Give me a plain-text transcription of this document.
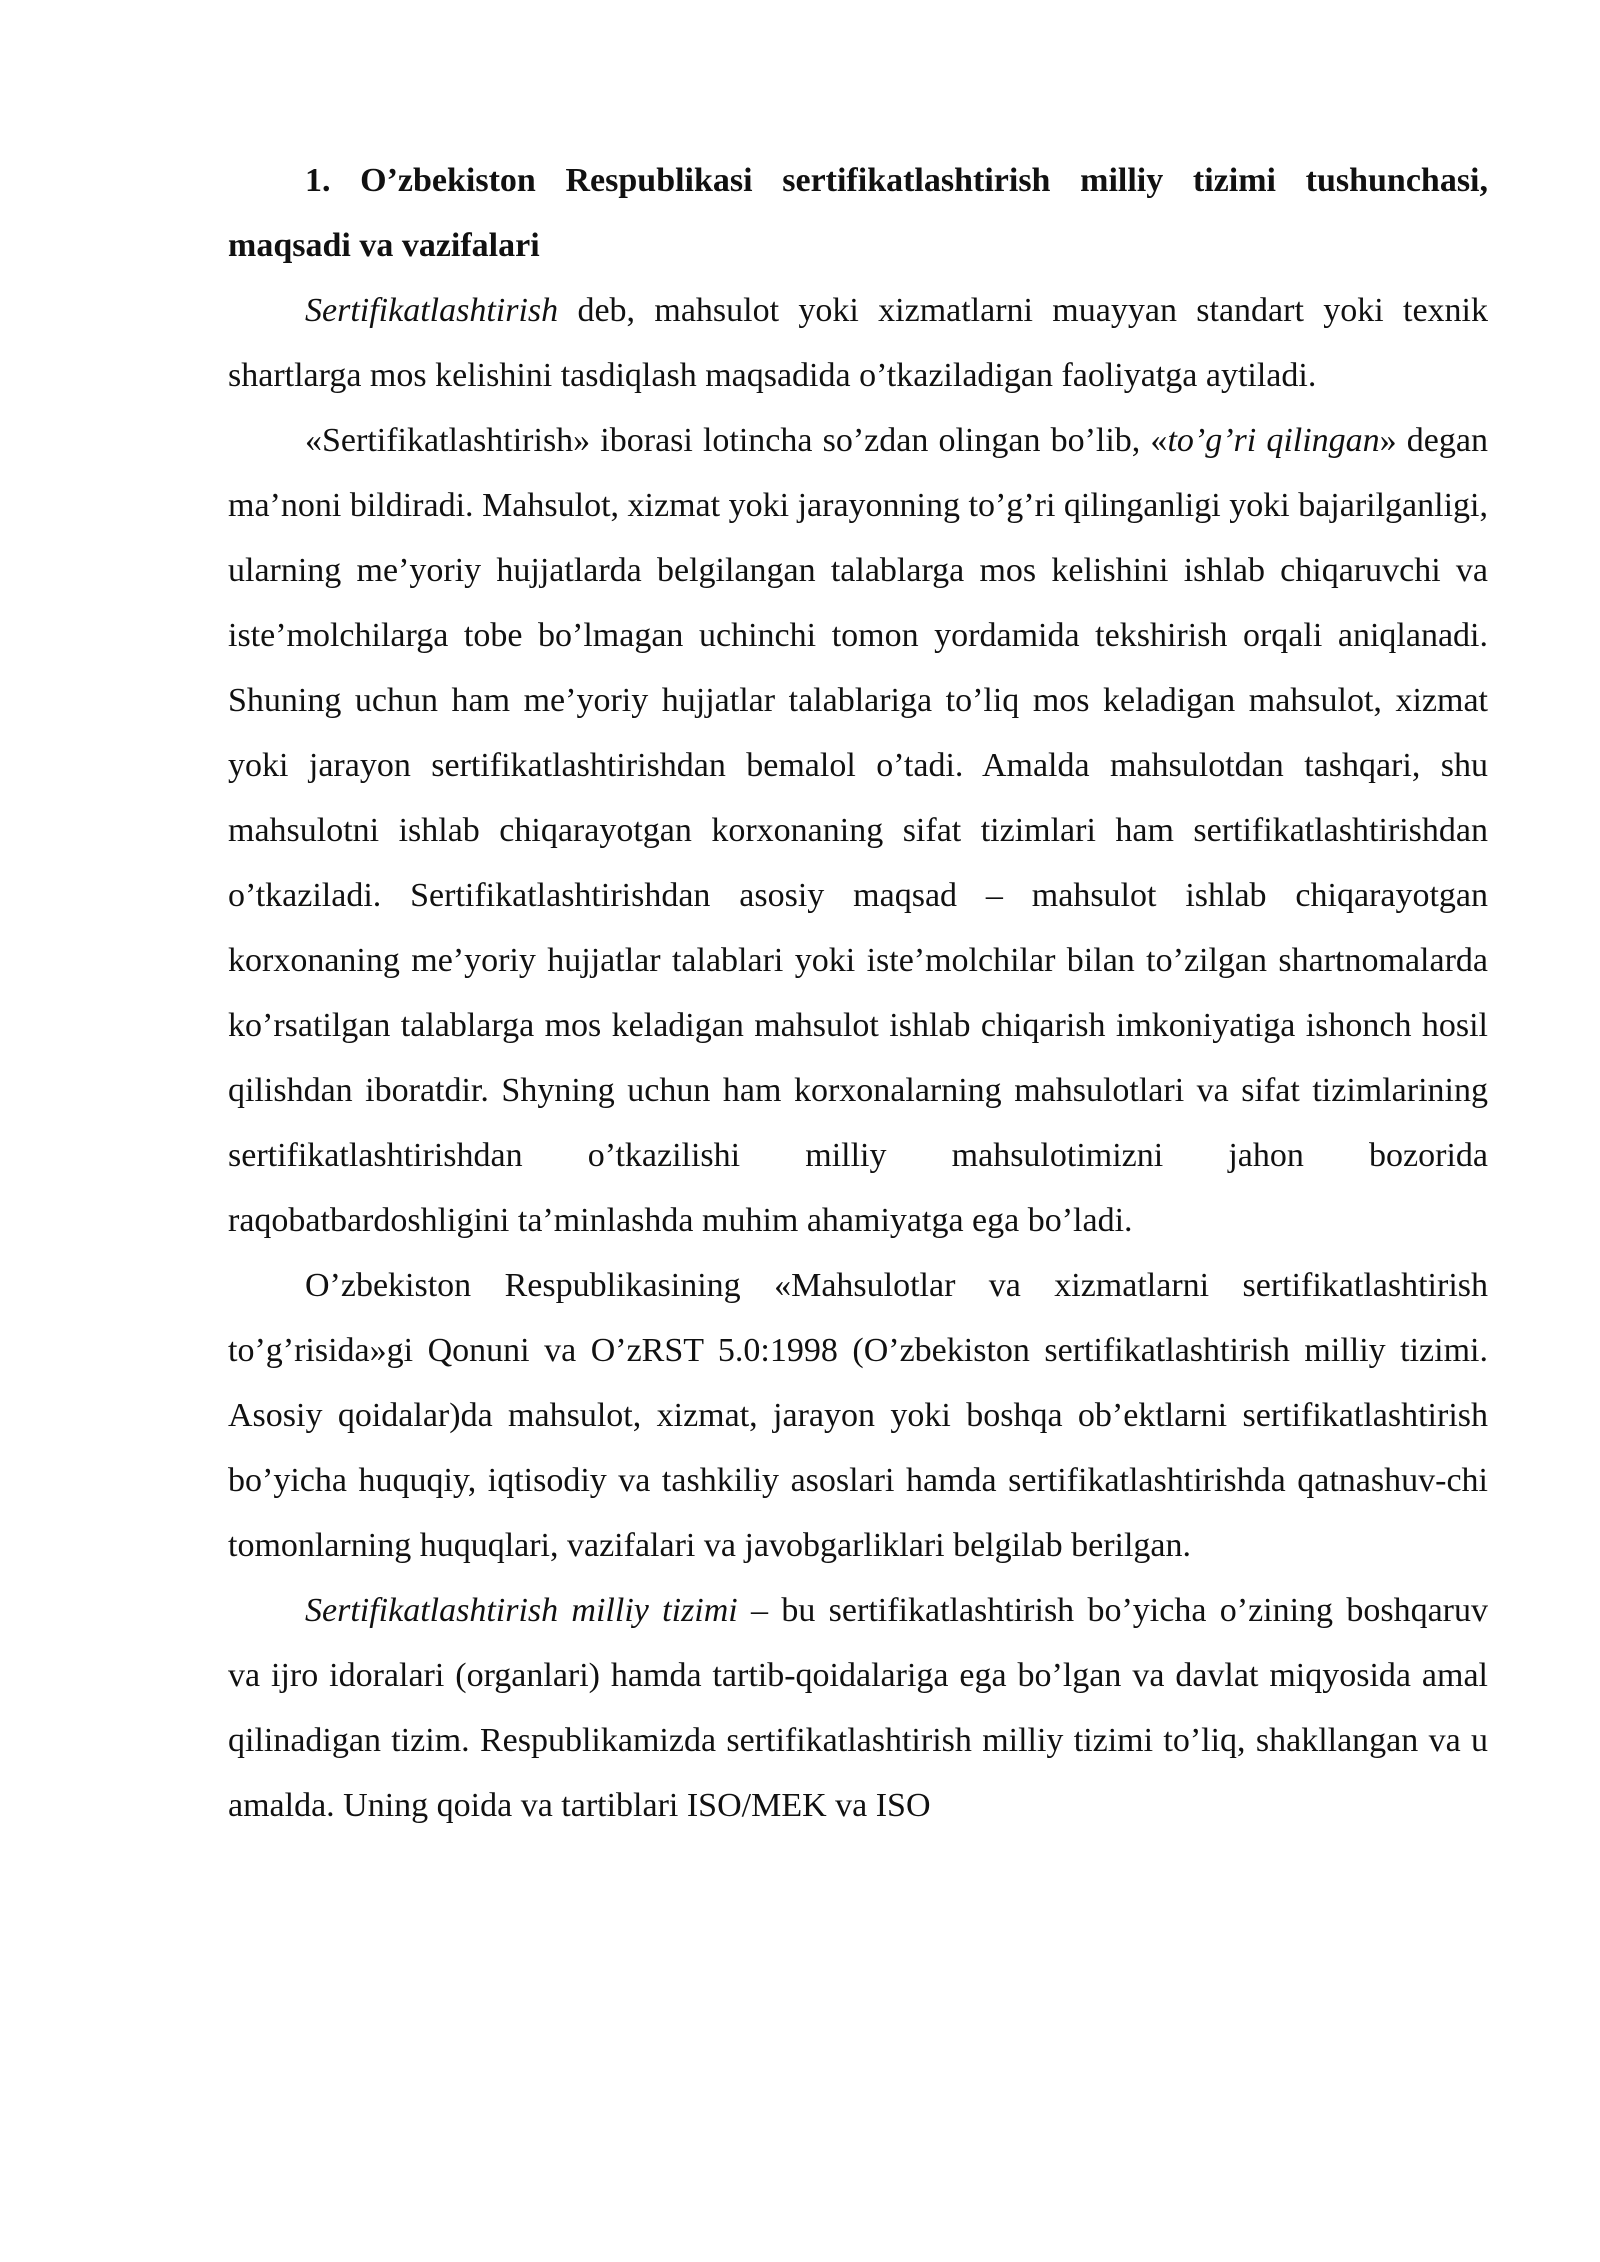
1. O’zbekiston Respublikasi sertifikatlashtirish milliy tizimi tushunchasi, maqsadi va vazifalari

Sertifikatlashtirish deb, mahsulot yoki xizmatlarni muayyan standart yoki texnik shartlarga mos kelishini tasdiqlash maqsadida o’tkaziladigan faoliyatga aytiladi.

«Sertifikatlashtirish» iborasi lotincha so’zdan olingan bo’lib, «to’g’ri qilingan» degan ma’noni bildiradi. Mahsulot, xizmat yoki jarayonning to’g’ri qilinganligi yoki bajarilganligi, ularning me’yoriy hujjatlarda belgilangan talablarga mos kelishini ishlab chiqaruvchi va iste’molchilarga tobe bo’lmagan uchinchi tomon yordamida tekshirish orqali aniqlanadi. Shuning uchun ham me’yoriy hujjatlar talablariga to’liq mos keladigan mahsulot, xizmat yoki jarayon sertifikatlashtirishdan bemalol o’tadi. Amalda mahsulotdan tashqari, shu mahsulotni ishlab chiqarayotgan korxonaning sifat tizimlari ham sertifikatlashtirishdan o’tkaziladi. Sertifikatlashtirishdan asosiy maqsad – mahsulot ishlab chiqarayotgan korxonaning me’yoriy hujjatlar talablari yoki iste’molchilar bilan to’zilgan shartnomalarda ko’rsatilgan talablarga mos keladigan mahsulot ishlab chiqarish imkoniyatiga ishonch hosil qilishdan iboratdir. Shyning uchun ham korxonalarning mahsulotlari va sifat tizimlarining sertifikatlashtirishdan o’tkazilishi milliy mahsulotimizni jahon bozorida raqobatbardoshligini ta’minlashda muhim ahamiyatga ega bo’ladi.

O’zbekiston Respublikasining «Mahsulotlar va xizmatlarni sertifikatlashtirish to’g’risida»gi Qonuni va O’zRST 5.0:1998 (O’zbekiston sertifikatlashtirish milliy tizimi. Asosiy qoidalar)da mahsulot, xizmat, jarayon yoki boshqa ob’ektlarni sertifikatlashtirish bo’yicha huquqiy, iqtisodiy va tashkiliy asoslari hamda sertifikatlashtirishda qatnashuv-chi tomonlarning huquqlari, vazifalari va javobgarliklari belgilab berilgan.

Sertifikatlashtirish milliy tizimi – bu sertifikatlashtirish bo’yicha o’zining boshqaruv va ijro idoralari (organlari) hamda tartib-qoidalariga ega bo’lgan va davlat miqyosida amal qilinadigan tizim. Respublikamizda sertifikatlashtirish milliy tizimi to’liq, shakllangan va u amalda. Uning qoida va tartiblari ISO/MEK va ISO
